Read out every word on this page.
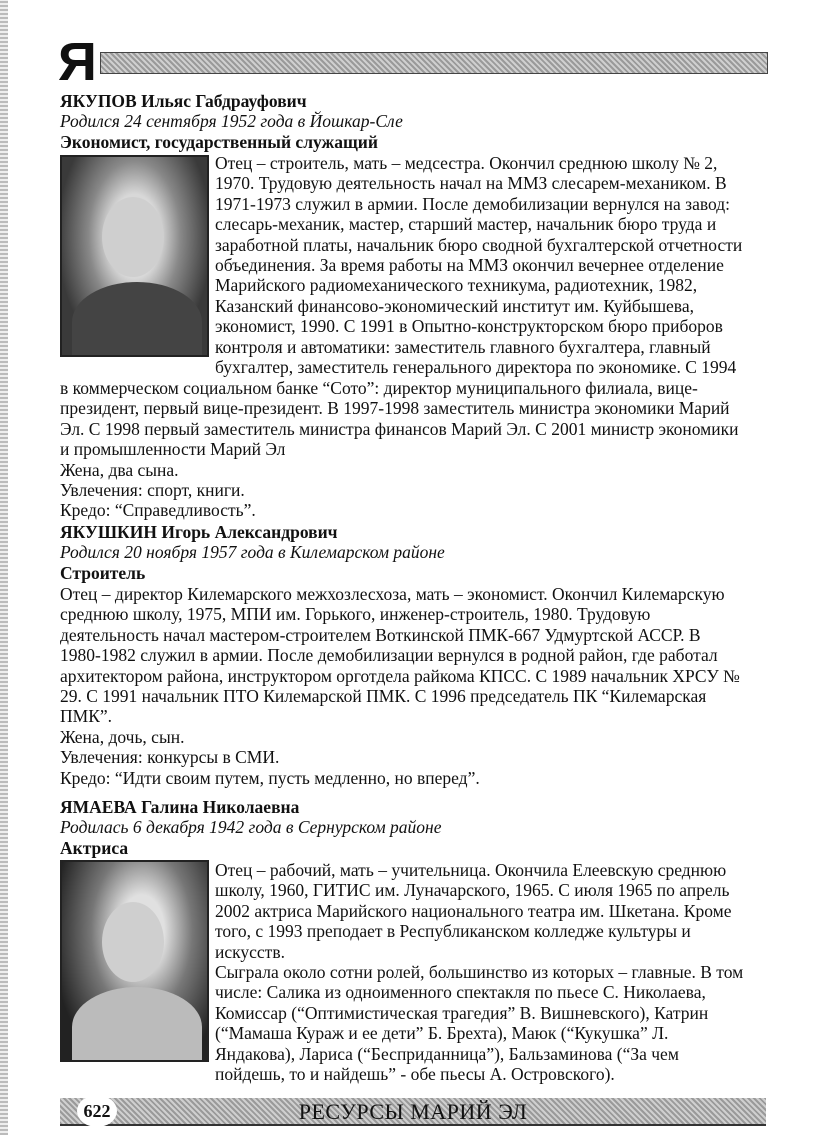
Я
ЯКУПОВ Ильяс Габдрауфович
Родился 24 сентября 1952 года в Йошкар-Сле
Экономист, государственный служащий
Отец – строитель, мать – медсестра. Окончил среднюю школу № 2,
1970. Трудовую деятельность начал на ММЗ слесарем-механиком. В
1971-1973 служил в армии. После демобилизации вернулся на завод:
слесарь-механик, мастер, старший мастер, начальник бюро труда и
заработной платы, начальник бюро сводной бухгалтерской отчетности
объединения. За время работы на ММЗ окончил вечернее отделение
Марийского радиомеханического техникума, радиотехник, 1982,
Казанский финансово-экономический институт им. Куйбышева,
экономист, 1990. С 1991 в Опытно-конструкторском бюро приборов
контроля и автоматики: заместитель главного бухгалтера, главный
бухгалтер, заместитель генерального директора по экономике. С 1994
в коммерческом социальном банке “Сото”: директор муниципального филиала, вице-
президент, первый вице-президент. В 1997-1998 заместитель министра экономики Марий
Эл. С 1998 первый заместитель министра финансов Марий Эл. С 2001 министр экономики
и промышленности Марий Эл
Жена, два сына.
Увлечения: спорт, книги.
Кредо: “Справедливость”.
ЯКУШКИН Игорь Александрович
Родился 20 ноября 1957 года в Килемарском районе
Строитель
Отец – директор Килемарского межхозлесхоза, мать – экономист. Окончил Килемарскую
среднюю школу, 1975, МПИ им. Горького, инженер-строитель, 1980. Трудовую
деятельность начал мастером-строителем Воткинской ПМК-667 Удмуртской АССР. В
1980-1982 служил в армии. После демобилизации вернулся в родной район, где работал
архитектором района, инструктором орготдела райкома КПСС. С 1989 начальник ХРСУ №
29. С 1991 начальник ПТО Килемарской ПМК. С 1996 председатель ПК “Килемарская
ПМК”.
Жена, дочь, сын.
Увлечения: конкурсы в СМИ.
Кредо: “Идти своим путем, пусть медленно, но вперед”.
ЯМАЕВА Галина Николаевна
Родилась 6 декабря 1942 года в Сернурском районе
Актриса
Отец – рабочий, мать – учительница. Окончила Елеевскую среднюю
школу, 1960, ГИТИС им. Луначарского, 1965. С июля 1965 по апрель
2002 актриса Марийского национального театра им. Шкетана. Кроме
того, с 1993 преподает в Республиканском колледже культуры и
искусств.
Сыграла около сотни ролей, большинство из которых – главные. В том
числе: Салика из одноименного спектакля по пьесе С. Николаева,
Комиссар (“Оптимистическая трагедия” В. Вишневского), Катрин
(“Мамаша Кураж и ее дети” Б. Брехта), Маюк (“Кукушка” Л.
Яндакова), Лариса (“Бесприданница”), Бальзаминова (“За чем
пойдешь, то и найдешь” - обе пьесы А. Островского).
622	РЕСУРСЫ МАРИЙ ЭЛ
